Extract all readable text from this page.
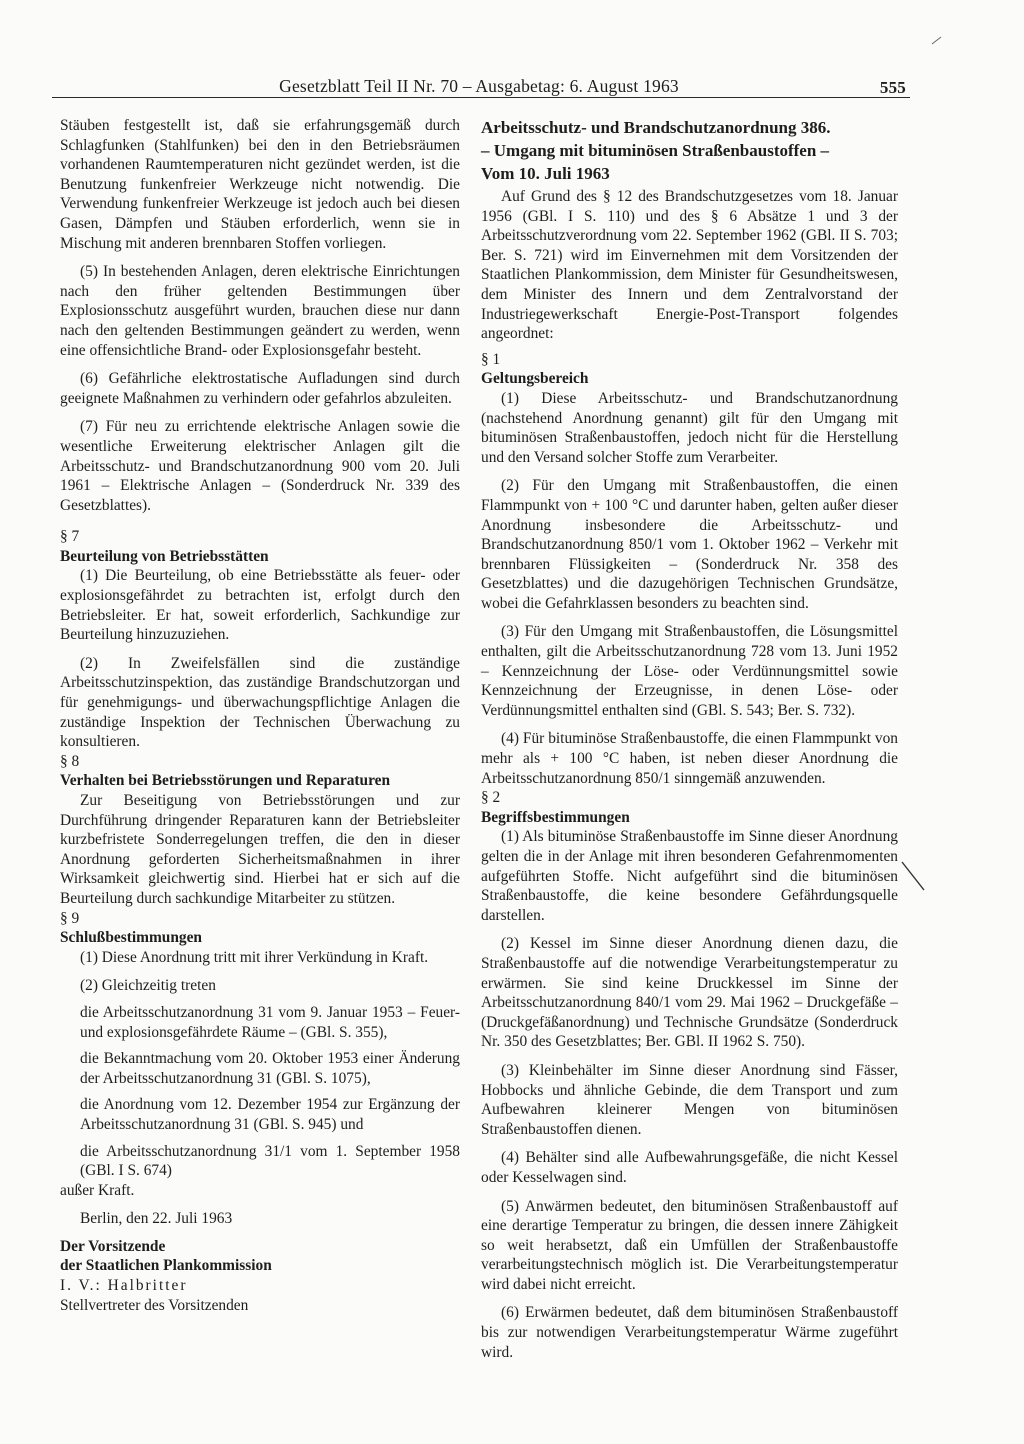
Gesetzblatt Teil II Nr. 70 – Ausgabetag: 6. August 1963	555

Stäuben festgestellt ist, daß sie erfahrungsgemäß durch Schlagfunken (Stahlfunken) bei den in den Betriebsräumen vorhandenen Raumtemperaturen nicht gezündet werden, ist die Benutzung funkenfreier Werkzeuge nicht notwendig. Die Verwendung funkenfreier Werkzeuge ist jedoch auch bei diesen Gasen, Dämpfen und Stäuben erforderlich, wenn sie in Mischung mit anderen brennbaren Stoffen vorliegen.

(5) In bestehenden Anlagen, deren elektrische Einrichtungen nach den früher geltenden Bestimmungen über Explosionsschutz ausgeführt wurden, brauchen diese nur dann nach den geltenden Bestimmungen geändert zu werden, wenn eine offensichtliche Brand- oder Explosionsgefahr besteht.

(6) Gefährliche elektrostatische Aufladungen sind durch geeignete Maßnahmen zu verhindern oder gefahrlos abzuleiten.

(7) Für neu zu errichtende elektrische Anlagen sowie die wesentliche Erweiterung elektrischer Anlagen gilt die Arbeitsschutz- und Brandschutzanordnung 900 vom 20. Juli 1961 – Elektrische Anlagen – (Sonderdruck Nr. 339 des Gesetzblattes).

§ 7

Beurteilung von Betriebsstätten

(1) Die Beurteilung, ob eine Betriebsstätte als feuer- oder explosionsgefährdet zu betrachten ist, erfolgt durch den Betriebsleiter. Er hat, soweit erforderlich, Sachkundige zur Beurteilung hinzuzuziehen.

(2) In Zweifelsfällen sind die zuständige Arbeitsschutzinspektion, das zuständige Brandschutzorgan und für genehmigungs- und überwachungspflichtige Anlagen die zuständige Inspektion der Technischen Überwachung zu konsultieren.

§ 8

Verhalten bei Betriebsstörungen und Reparaturen

Zur Beseitigung von Betriebsstörungen und zur Durchführung dringender Reparaturen kann der Betriebsleiter kurzbefristete Sonderregelungen treffen, die den in dieser Anordnung geforderten Sicherheitsmaßnahmen in ihrer Wirksamkeit gleichwertig sind. Hierbei hat er sich auf die Beurteilung durch sachkundige Mitarbeiter zu stützen.

§ 9

Schlußbestimmungen

(1) Diese Anordnung tritt mit ihrer Verkündung in Kraft.

(2) Gleichzeitig treten

die Arbeitsschutzanordnung 31 vom 9. Januar 1953 – Feuer- und explosionsgefährdete Räume – (GBl. S. 355),

die Bekanntmachung vom 20. Oktober 1953 einer Änderung der Arbeitsschutzanordnung 31 (GBl. S. 1075),

die Anordnung vom 12. Dezember 1954 zur Ergänzung der Arbeitsschutzanordnung 31 (GBl. S. 945) und

die Arbeitsschutzanordnung 31/1 vom 1. September 1958 (GBl. I S. 674)

außer Kraft.

Berlin, den 22. Juli 1963

Der Vorsitzende

der Staatlichen Plankommission

I. V.: Halbritter

Stellvertreter des Vorsitzenden

Arbeitsschutz- und Brandschutzanordnung 386.

– Umgang mit bituminösen Straßenbaustoffen –

Vom 10. Juli 1963

Auf Grund des § 12 des Brandschutzgesetzes vom 18. Januar 1956 (GBl. I S. 110) und des § 6 Absätze 1 und 3 der Arbeitsschutzverordnung vom 22. September 1962 (GBl. II S. 703; Ber. S. 721) wird im Einvernehmen mit dem Vorsitzenden der Staatlichen Plankommission, dem Minister für Gesundheitswesen, dem Minister des Innern und dem Zentralvorstand der Industriegewerkschaft Energie-Post-Transport folgendes angeordnet:

§ 1

Geltungsbereich

(1) Diese Arbeitsschutz- und Brandschutzanordnung (nachstehend Anordnung genannt) gilt für den Umgang mit bituminösen Straßenbaustoffen, jedoch nicht für die Herstellung und den Versand solcher Stoffe zum Verarbeiter.

(2) Für den Umgang mit Straßenbaustoffen, die einen Flammpunkt von + 100 °C und darunter haben, gelten außer dieser Anordnung insbesondere die Arbeitsschutz- und Brandschutzanordnung 850/1 vom 1. Oktober 1962 – Verkehr mit brennbaren Flüssigkeiten – (Sonderdruck Nr. 358 des Gesetzblattes) und die dazugehörigen Technischen Grundsätze, wobei die Gefahrklassen besonders zu beachten sind.

(3) Für den Umgang mit Straßenbaustoffen, die Lösungsmittel enthalten, gilt die Arbeitsschutzanordnung 728 vom 13. Juni 1952 – Kennzeichnung der Löse- oder Verdünnungsmittel sowie Kennzeichnung der Erzeugnisse, in denen Löse- oder Verdünnungsmittel enthalten sind (GBl. S. 543; Ber. S. 732).

(4) Für bituminöse Straßenbaustoffe, die einen Flammpunkt von mehr als + 100 °C haben, ist neben dieser Anordnung die Arbeitsschutzanordnung 850/1 sinngemäß anzuwenden.

§ 2

Begriffsbestimmungen

(1) Als bituminöse Straßenbaustoffe im Sinne dieser Anordnung gelten die in der Anlage mit ihren besonderen Gefahrenmomenten aufgeführten Stoffe. Nicht aufgeführt sind die bituminösen Straßenbaustoffe, die keine besondere Gefährdungsquelle darstellen.

(2) Kessel im Sinne dieser Anordnung dienen dazu, die Straßenbaustoffe auf die notwendige Verarbeitungstemperatur zu erwärmen. Sie sind keine Druckkessel im Sinne der Arbeitsschutzanordnung 840/1 vom 29. Mai 1962 – Druckgefäße – (Druckgefäßanordnung) und Technische Grundsätze (Sonderdruck Nr. 350 des Gesetzblattes; Ber. GBl. II 1962 S. 750).

(3) Kleinbehälter im Sinne dieser Anordnung sind Fässer, Hobbocks und ähnliche Gebinde, die dem Transport und zum Aufbewahren kleinerer Mengen von bituminösen Straßenbaustoffen dienen.

(4) Behälter sind alle Aufbewahrungsgefäße, die nicht Kessel oder Kesselwagen sind.

(5) Anwärmen bedeutet, den bituminösen Straßenbaustoff auf eine derartige Temperatur zu bringen, die dessen innere Zähigkeit so weit herabsetzt, daß ein Umfüllen der Straßenbaustoffe verarbeitungstechnisch möglich ist. Die Verarbeitungstemperatur wird dabei nicht erreicht.

(6) Erwärmen bedeutet, daß dem bituminösen Straßenbaustoff bis zur notwendigen Verarbeitungstemperatur Wärme zugeführt wird.
